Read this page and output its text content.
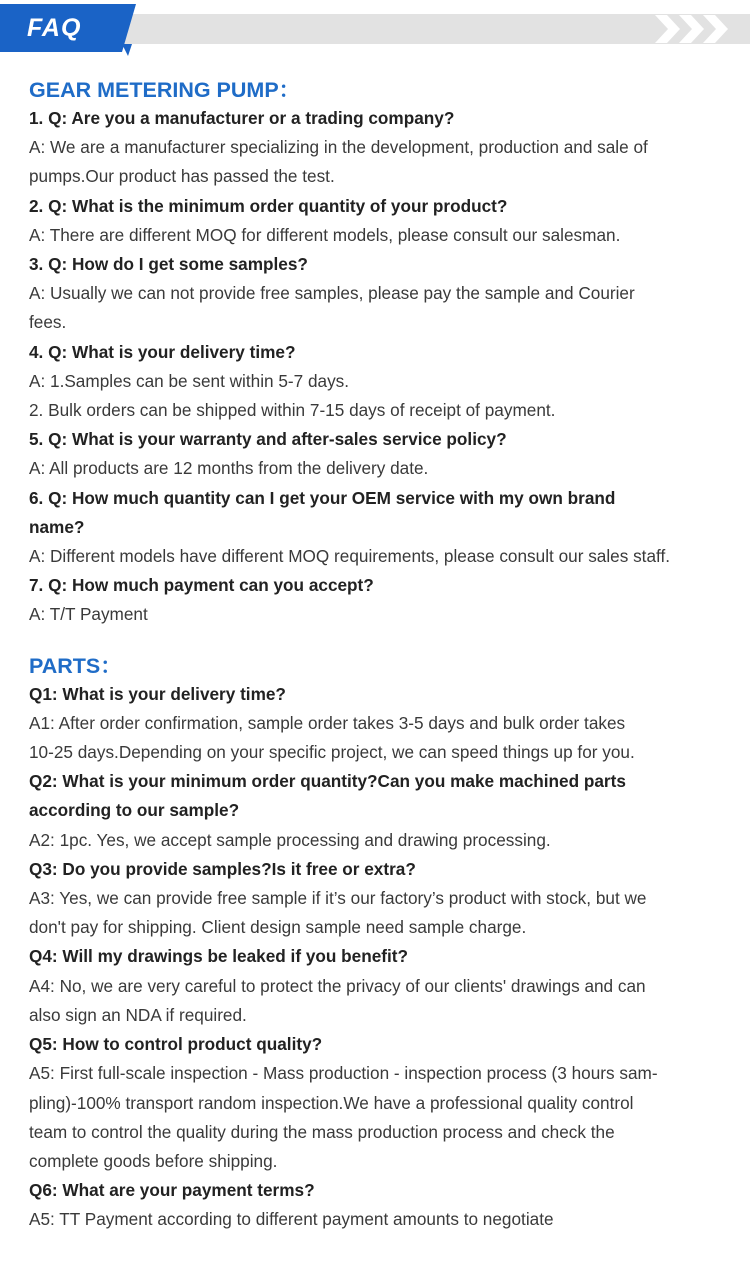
FAQ
GEAR METERING PUMP：

1. Q: Are you a manufacturer or a trading company?

A: We are a manufacturer specializing in the development, production and sale of

pumps.Our product has passed the test.

2. Q: What is the minimum order quantity of your product?

A: There are different MOQ for different models, please consult our salesman.

3. Q: How do I get some samples?

A: Usually we can not provide free samples, please pay the sample and Courier

fees.

4. Q: What is your delivery time?

A: 1.Samples can be sent within 5-7 days.

2. Bulk orders can be shipped within 7-15 days of receipt of payment.

5. Q: What is your warranty and after-sales service policy?

A: All products are 12 months from the delivery date.

6. Q: How much quantity can I get your OEM service with my own brand

name?

A: Different models have different MOQ requirements, please consult our sales staff.

7. Q: How much payment can you accept?

A: T/T Payment

PARTS：

Q1: What is your delivery time?

A1: After order confirmation, sample order takes 3-5 days and bulk order takes

10-25 days.Depending on your specific project, we can speed things up for you.

Q2: What is your minimum order quantity?Can you make machined parts

according to our sample?

A2: 1pc. Yes, we accept sample processing and drawing processing.

Q3: Do you provide samples?Is it free or extra?

A3: Yes, we can provide free sample if it’s our factory’s product with stock, but we

don't pay for shipping. Client design sample need sample charge.

Q4: Will my drawings be leaked if you benefit?

A4: No, we are very careful to protect the privacy of our clients' drawings and can

also sign an NDA if required.

Q5: How to control product quality?

A5: First full-scale inspection - Mass production - inspection process (3 hours sam-

pling)-100% transport random inspection.We have a professional quality control

team to control the quality during the mass production process and check the

complete goods before shipping.

Q6: What are your payment terms?

A5: TT Payment according to different payment amounts to negotiate
